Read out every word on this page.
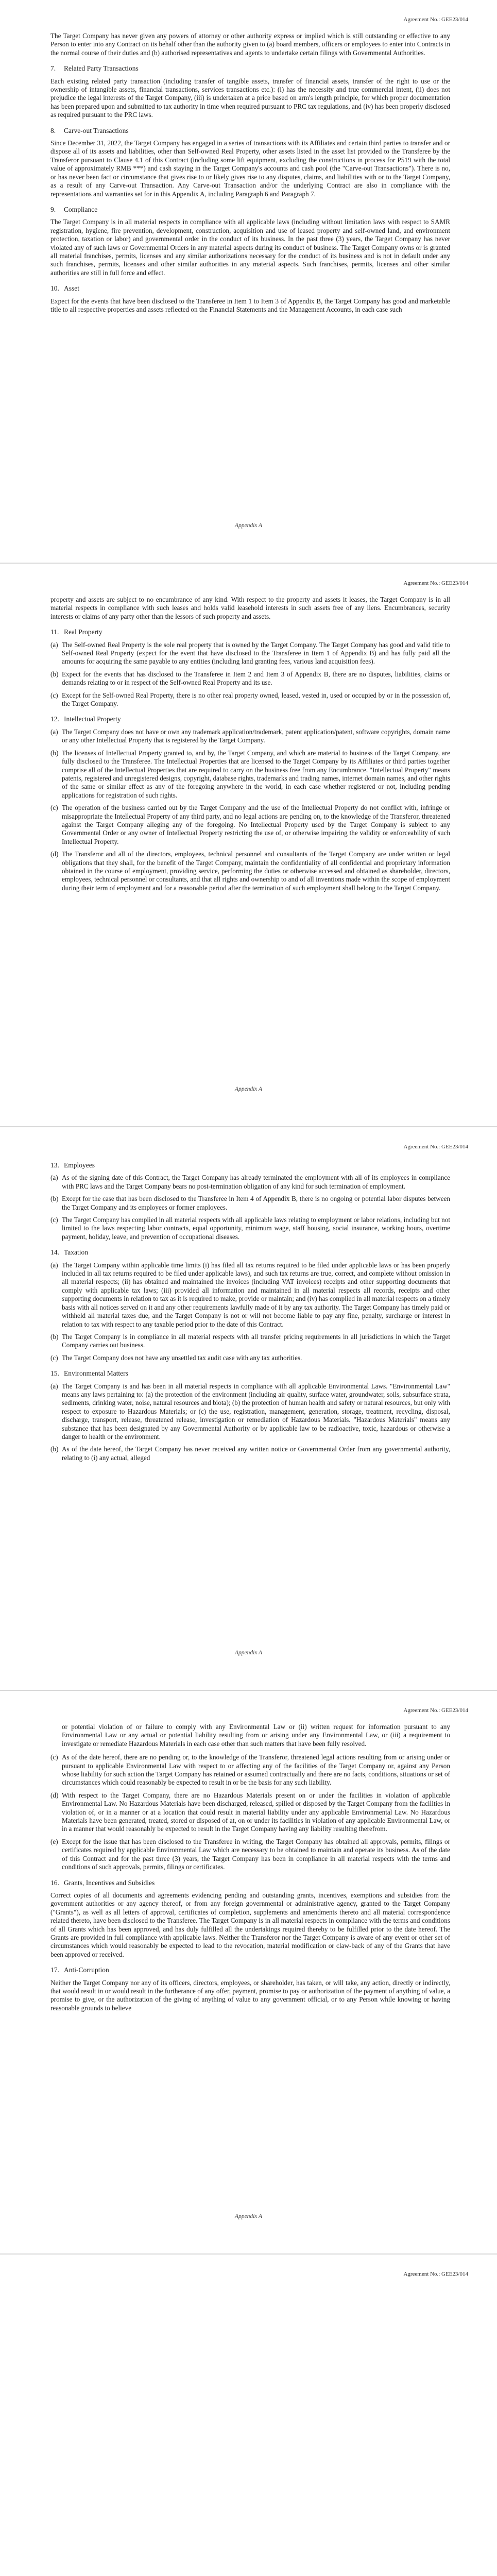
Agreement No.: GEE23/014

The Target Company has never given any powers of attorney or other authority express or implied which is still outstanding or effective to any Person to enter into any Contract on its behalf other than the authority given to (a) board members, officers or employees to enter into Contracts in the normal course of their duties and (b) authorised representatives and agents to undertake certain filings with Governmental Authorities.

7. Related Party Transactions

Each existing related party transaction (including transfer of tangible assets, transfer of financial assets, transfer of the right to use or the ownership of intangible assets, financial transactions, services transactions etc.): (i) has the necessity and true commercial intent, (ii) does not prejudice the legal interests of the Target Company, (iii) is undertaken at a price based on arm's length principle, for which proper documentation has been prepared upon and submitted to tax authority in time when required pursuant to PRC tax regulations, and (iv) has been properly disclosed as required pursuant to the PRC laws.

8. Carve-out Transactions

Since December 31, 2022, the Target Company has engaged in a series of transactions with its Affiliates and certain third parties to transfer and or dispose all of its assets and liabilities, other than Self-owned Real Property, other assets listed in the asset list provided to the Transferee by the Transferor pursuant to Clause 4.1 of this Contract (including some lift equipment, excluding the constructions in process for P519 with the total value of approximately RMB ***) and cash staying in the Target Company's accounts and cash pool (the "Carve-out Transactions"). There is no, or has never been fact or circumstance that gives rise to or likely gives rise to any disputes, claims, and liabilities with or to the Target Company, as a result of any Carve-out Transaction. Any Carve-out Transaction and/or the underlying Contract are also in compliance with the representations and warranties set for in this Appendix A, including Paragraph 6 and Paragraph 7.

9. Compliance

The Target Company is in all material respects in compliance with all applicable laws (including without limitation laws with respect to SAMR registration, hygiene, fire prevention, development, construction, acquisition and use of leased property and self-owned land, and environment protection, taxation or labor) and governmental order in the conduct of its business. In the past three (3) years, the Target Company has never violated any of such laws or Governmental Orders in any material aspects during its conduct of business. The Target Company owns or is granted all material franchises, permits, licenses and any similar authorizations necessary for the conduct of its business and is not in default under any such franchises, permits, licenses and other similar authorities in any material aspects. Such franchises, permits, licenses and other similar authorities are still in full force and effect.

10. Asset

Expect for the events that have been disclosed to the Transferee in Item 1 to Item 3 of Appendix B, the Target Company has good and marketable title to all respective properties and assets reflected on the Financial Statements and the Management Accounts, in each case such

Appendix A
Agreement No.: GEE23/014

property and assets are subject to no encumbrance of any kind. With respect to the property and assets it leases, the Target Company is in all material respects in compliance with such leases and holds valid leasehold interests in such assets free of any liens. Encumbrances, security interests or claims of any party other than the lessors of such property and assets.

11. Real Property
(a) The Self-owned Real Property is the sole real property that is owned by the Target Company. The Target Company has good and valid title to Self-owned Real Property (expect for the event that have disclosed to the Transferee in Item 1 of Appendix B) and has fully paid all the amounts for acquiring the same payable to any entities (including land granting fees, various land acquisition fees).
(b) Expect for the events that has disclosed to the Transferee in Item 2 and Item 3 of Appendix B, there are no disputes, liabilities, claims or demands relating to or in respect of the Self-owned Real Property and its use.
(c) Except for the Self-owned Real Property, there is no other real property owned, leased, vested in, used or occupied by or in the possession of, the Target Company.
12. Intellectual Property
(a) The Target Company does not have or own any trademark application/trademark, patent application/patent, software copyrights, domain name or any other Intellectual Property that is registered by the Target Company.
(b) The licenses of Intellectual Property granted to, and by, the Target Company, and which are material to business of the Target Company, are fully disclosed to the Transferee. The Intellectual Properties that are licensed to the Target Company by its Affiliates or third parties together comprise all of the Intellectual Properties that are required to carry on the business free from any Encumbrance. "Intellectual Property" means patents, registered and unregistered designs, copyright, database rights, trademarks and trading names, internet domain names, and other rights of the same or similar effect as any of the foregoing anywhere in the world, in each case whether registered or not, including pending applications for registration of such rights.
(c) The operation of the business carried out by the Target Company and the use of the Intellectual Property do not conflict with, infringe or misappropriate the Intellectual Property of any third party, and no legal actions are pending on, to the knowledge of the Transferor, threatened against the Target Company alleging any of the foregoing. No Intellectual Property used by the Target Company is subject to any Governmental Order or any owner of Intellectual Property restricting the use of, or otherwise impairing the validity or enforceability of such Intellectual Property.
(d) The Transferor and all of the directors, employees, technical personnel and consultants of the Target Company are under written or legal obligations that they shall, for the benefit of the Target Company, maintain the confidentiality of all confidential and proprietary information obtained in the course of employment, providing service, performing the duties or otherwise accessed and obtained as shareholder, directors, employees, technical personnel or consultants, and that all rights and ownership to and of all inventions made within the scope of employment during their term of employment and for a reasonable period after the termination of such employment shall belong to the Target Company.
Appendix A
Agreement No.: GEE23/014
13. Employees
(a) As of the signing date of this Contract, the Target Company has already terminated the employment with all of its employees in compliance with PRC laws and the Target Company bears no post-termination obligation of any kind for such termination of employment.
(b) Except for the case that has been disclosed to the Transferee in Item 4 of Appendix B, there is no ongoing or potential labor disputes between the Target Company and its employees or former employees.
(c) The Target Company has complied in all material respects with all applicable laws relating to employment or labor relations, including but not limited to the laws respecting labor contracts, equal opportunity, minimum wage, staff housing, social insurance, working hours, overtime payment, holiday, leave, and prevention of occupational diseases.
14. Taxation
(a) The Target Company within applicable time limits (i) has filed all tax returns required to be filed under applicable laws or has been properly included in all tax returns required to be filed under applicable laws), and such tax returns are true, correct, and complete without omission in all material respects; (ii) has obtained and maintained the invoices (including VAT invoices) receipts and other supporting documents that comply with applicable tax laws; (iii) provided all information and maintained in all material respects all records, receipts and other supporting documents in relation to tax as it is required to make, provide or maintain; and (iv) has complied in all material respects on a timely basis with all notices served on it and any other requirements lawfully made of it by any tax authority. The Target Company has timely paid or withheld all material taxes due, and the Target Company is not or will not become liable to pay any fine, penalty, surcharge or interest in relation to tax with respect to any taxable period prior to the date of this Contract.
(b) The Target Company is in compliance in all material respects with all transfer pricing requirements in all jurisdictions in which the Target Company carries out business.
(c) The Target Company does not have any unsettled tax audit case with any tax authorities.
15. Environmental Matters
(a) The Target Company is and has been in all material respects in compliance with all applicable Environmental Laws. "Environmental Law" means any laws pertaining to: (a) the protection of the environment (including air quality, surface water, groundwater, soils, subsurface strata, sediments, drinking water, noise, natural resources and biota); (b) the protection of human health and safety or natural resources, but only with respect to exposure to Hazardous Materials; or (c) the use, registration, management, generation, storage, treatment, recycling, disposal, discharge, transport, release, threatened release, investigation or remediation of Hazardous Materials. "Hazardous Materials" means any substance that has been designated by any Governmental Authority or by applicable law to be radioactive, toxic, hazardous or otherwise a danger to health or the environment.
(b) As of the date hereof, the Target Company has never received any written notice or Governmental Order from any governmental authority, relating to (i) any actual, alleged
Appendix A
Agreement No.: GEE23/014

or potential violation of or failure to comply with any Environmental Law or (ii) written request for information pursuant to any Environmental Law or any actual or potential liability resulting from or arising under any Environmental Law, or (iii) a requirement to investigate or remediate Hazardous Materials in each case other than such matters that have been fully resolved.

(c) As of the date hereof, there are no pending or, to the knowledge of the Transferor, threatened legal actions resulting from or arising under or pursuant to applicable Environmental Law with respect to or affecting any of the facilities of the Target Company or, against any Person whose liability for such action the Target Company has retained or assumed contractually and there are no facts, conditions, situations or set of circumstances which could reasonably be expected to result in or be the basis for any such liability.
(d) With respect to the Target Company, there are no Hazardous Materials present on or under the facilities in violation of applicable Environmental Law. No Hazardous Materials have been discharged, released, spilled or disposed by the Target Company from the facilities in violation of, or in a manner or at a location that could result in material liability under any applicable Environmental Law. No Hazardous Materials have been generated, treated, stored or disposed of at, on or under its facilities in violation of any applicable Environmental Law, or in a manner that would reasonably be expected to result in the Target Company having any liability resulting therefrom.
(e) Except for the issue that has been disclosed to the Transferee in writing, the Target Company has obtained all approvals, permits, filings or certificates required by applicable Environmental Law which are necessary to be obtained to maintain and operate its business. As of the date of this Contract and for the past three (3) years, the Target Company has been in compliance in all material respects with the terms and conditions of such approvals, permits, filings or certificates.
16. Grants, Incentives and Subsidies

Correct copies of all documents and agreements evidencing pending and outstanding grants, incentives, exemptions and subsidies from the government authorities or any agency thereof, or from any foreign governmental or administrative agency, granted to the Target Company ("Grants"), as well as all letters of approval, certificates of completion, supplements and amendments thereto and all material correspondence related thereto, have been disclosed to the Transferee. The Target Company is in all material respects in compliance with the terms and conditions of all Grants which has been approved, and has duly fulfilled all the undertakings required thereby to be fulfilled prior to the date hereof. The Grants are provided in full compliance with applicable laws. Neither the Transferor nor the Target Company is aware of any event or other set of circumstances which would reasonably be expected to lead to the revocation, material modification or claw-back of any of the Grants that have been approved or received.

17. Anti-Corruption

Neither the Target Company nor any of its officers, directors, employees, or shareholder, has taken, or will take, any action, directly or indirectly, that would result in or would result in the furtherance of any offer, payment, promise to pay or authorization of the payment of anything of value, a promise to give, or the authorization of the giving of anything of value to any government official, or to any Person while knowing or having reasonable grounds to believe

Appendix A
Agreement No.: GEE23/014
